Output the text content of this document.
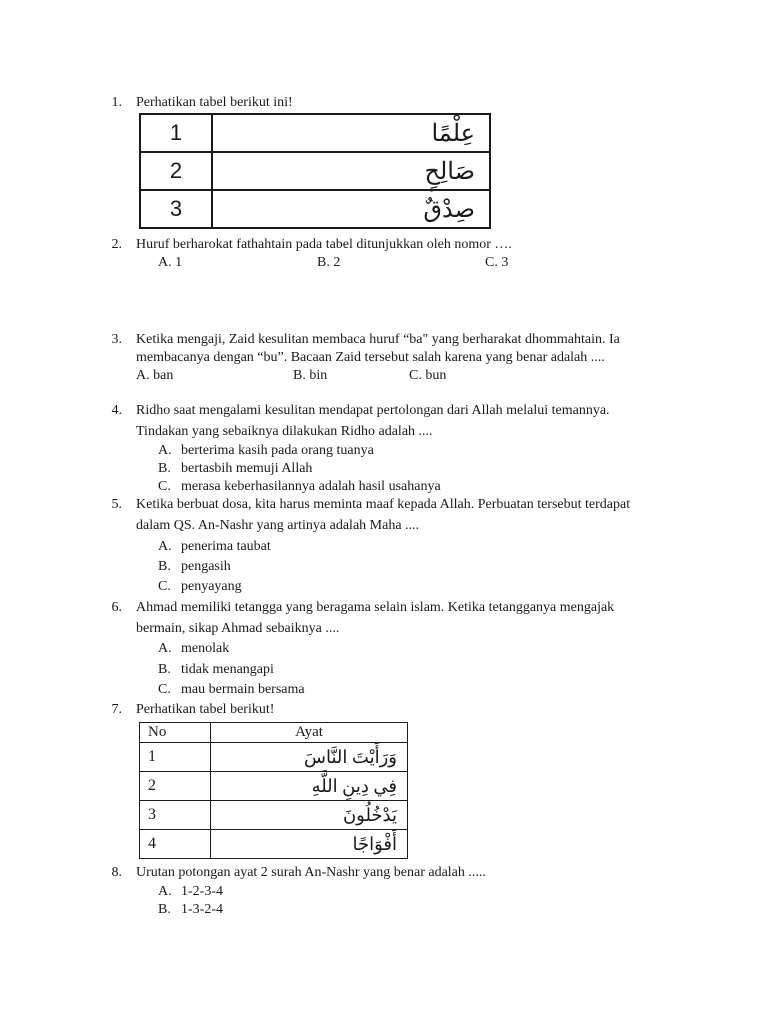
1. Perhatikan tabel berikut ini!
1	عِلْمًا
2	صَالِحٍ
3	صِدْقٌ
2. Huruf berharokat fathahtain pada tabel ditunjukkan oleh nomor ….
A. 1	B. 2	C. 3
3. Ketika mengaji, Zaid kesulitan membaca huruf “ba" yang berharakat dhommahtain. Ia
membacanya dengan “bu”. Bacaan Zaid tersebut salah karena yang benar adalah ....
A. ban	B. bin	C. bun
4. Ridho saat mengalami kesulitan mendapat pertolongan dari Allah melalui temannya.
Tindakan yang sebaiknya dilakukan Ridho adalah ....
A. berterima kasih pada orang tuanya
B. bertasbih memuji Allah
C. merasa keberhasilannya adalah hasil usahanya
5. Ketika berbuat dosa, kita harus meminta maaf kepada Allah. Perbuatan tersebut terdapat
dalam QS. An-Nashr yang artinya adalah Maha ....
A. penerima taubat
B. pengasih
C. penyayang
6. Ahmad memiliki tetangga yang beragama selain islam. Ketika tetangganya mengajak
bermain, sikap Ahmad sebaiknya ....
A. menolak
B. tidak menangapi
C. mau bermain bersama
7. Perhatikan tabel berikut!
No	Ayat
1	وَرَأَيْتَ النَّاسَ
2	فِي دِينِ اللَّهِ
3	يَدْخُلُونَ
4	أَفْوَاجًا
8. Urutan potongan ayat 2 surah An-Nashr yang benar adalah .....
A. 1-2-3-4
B. 1-3-2-4
